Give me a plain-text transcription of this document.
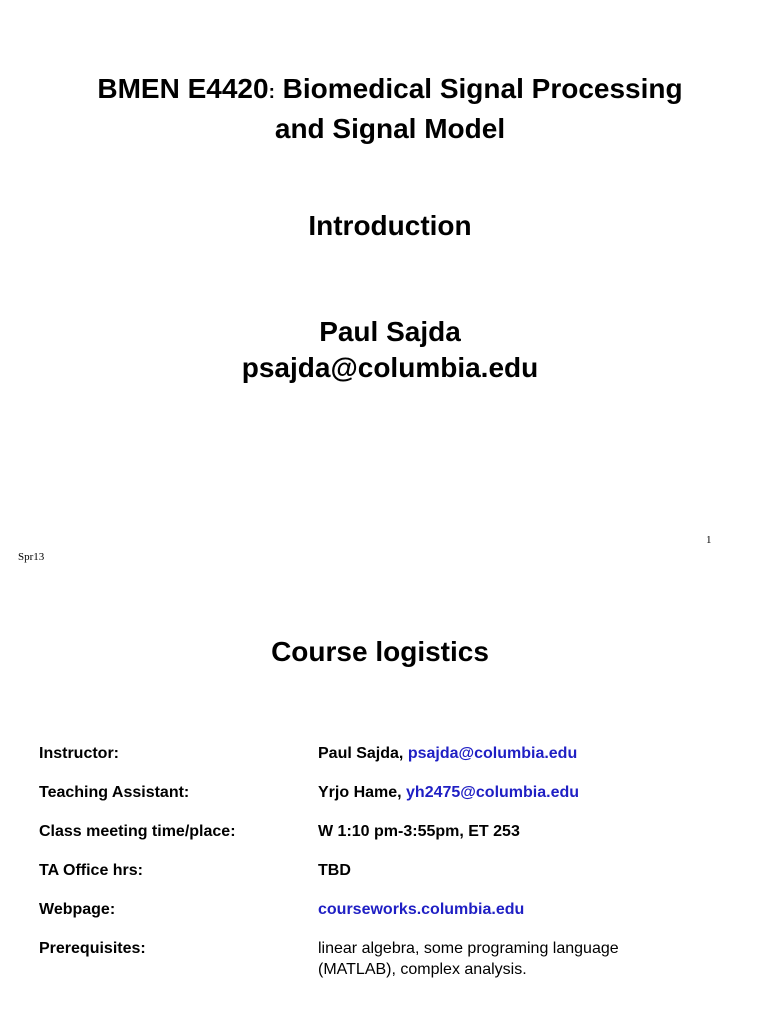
BMEN E4420: Biomedical Signal Processing
and Signal Model
Introduction
Paul Sajda
psajda@columbia.edu
1
Spr13
Course logistics
Instructor:	Paul Sajda, psajda@columbia.edu
Teaching Assistant:	Yrjo Hame, yh2475@columbia.edu
Class meeting time/place:	W 1:10 pm-3:55pm, ET 253
TA Office hrs:	TBD
Webpage:	courseworks.columbia.edu
Prerequisites:	linear algebra, some programing language
(MATLAB), complex analysis.
